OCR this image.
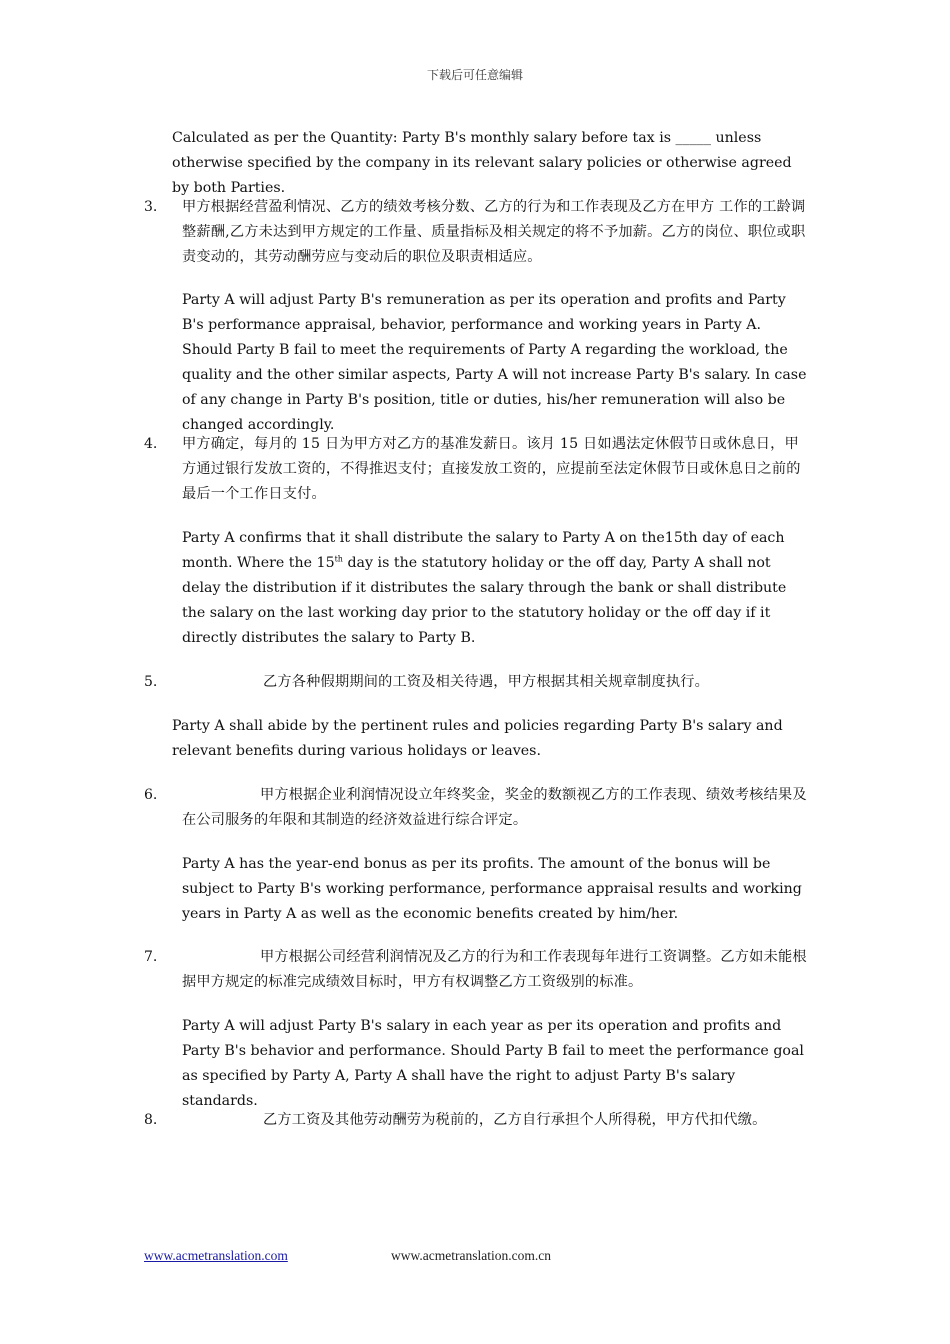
下载后可任意编辑

Calculated as per the Quantity: Party B's monthly salary before tax is _____ unless otherwise specified by the company in its relevant salary policies or otherwise agreed by both Parties.

3. 甲方根据经营盈利情况、乙方的绩效考核分数、乙方的行为和工作表现及乙方在甲方 工作的工龄调整薪酬,乙方未达到甲方规定的工作量、质量指标及相关规定的将不予加薪。乙方的岗位、职位或职责变动的，其劳动酬劳应与变动后的职位及职责相适应。

Party A will adjust Party B's remuneration as per its operation and profits and Party B's performance appraisal, behavior, performance and working years in Party A. Should Party B fail to meet the requirements of Party A regarding the workload, the quality and the other similar aspects, Party A will not increase Party B's salary. In case of any change in Party B's position, title or duties, his/her remuneration will also be changed accordingly.

4. 甲方确定，每月的 15 日为甲方对乙方的基准发薪日。该月 15 日如遇法定休假节日或休息日，甲方通过银行发放工资的，不得推迟支付；直接发放工资的，应提前至法定休假节日或休息日之前的最后一个工作日支付。

Party A confirms that it shall distribute the salary to Party A on the15th day of each month. Where the 15th day is the statutory holiday or the off day, Party A shall not delay the distribution if it distributes the salary through the bank or shall distribute the salary on the last working day prior to the statutory holiday or the off day if it directly distributes the salary to Party B.

5.	乙方各种假期期间的工资及相关待遇，甲方根据其相关规章制度执行。

Party A shall abide by the pertinent rules and policies regarding Party B's salary and relevant benefits during various holidays or leaves.

6.	甲方根据企业利润情况设立年终奖金，奖金的数额视乙方的工作表现、绩效考核结果及在公司服务的年限和其制造的经济效益进行综合评定。

Party A has the year-end bonus as per its profits. The amount of the bonus will be subject to Party B's working performance, performance appraisal results and working years in Party A as well as the economic benefits created by him/her.

7.	甲方根据公司经营利润情况及乙方的行为和工作表现每年进行工资调整。乙方如未能根据甲方规定的标准完成绩效目标时，甲方有权调整乙方工资级别的标准。

Party A will adjust Party B's salary in each year as per its operation and profits and Party B's behavior and performance. Should Party B fail to meet the performance goal as specified by Party A, Party A shall have the right to adjust Party B's salary standards.

8.	乙方工资及其他劳动酬劳为税前的，乙方自行承担个人所得税，甲方代扣代缴。

www.acmetranslation.com	www.acmetranslation.com.cn
